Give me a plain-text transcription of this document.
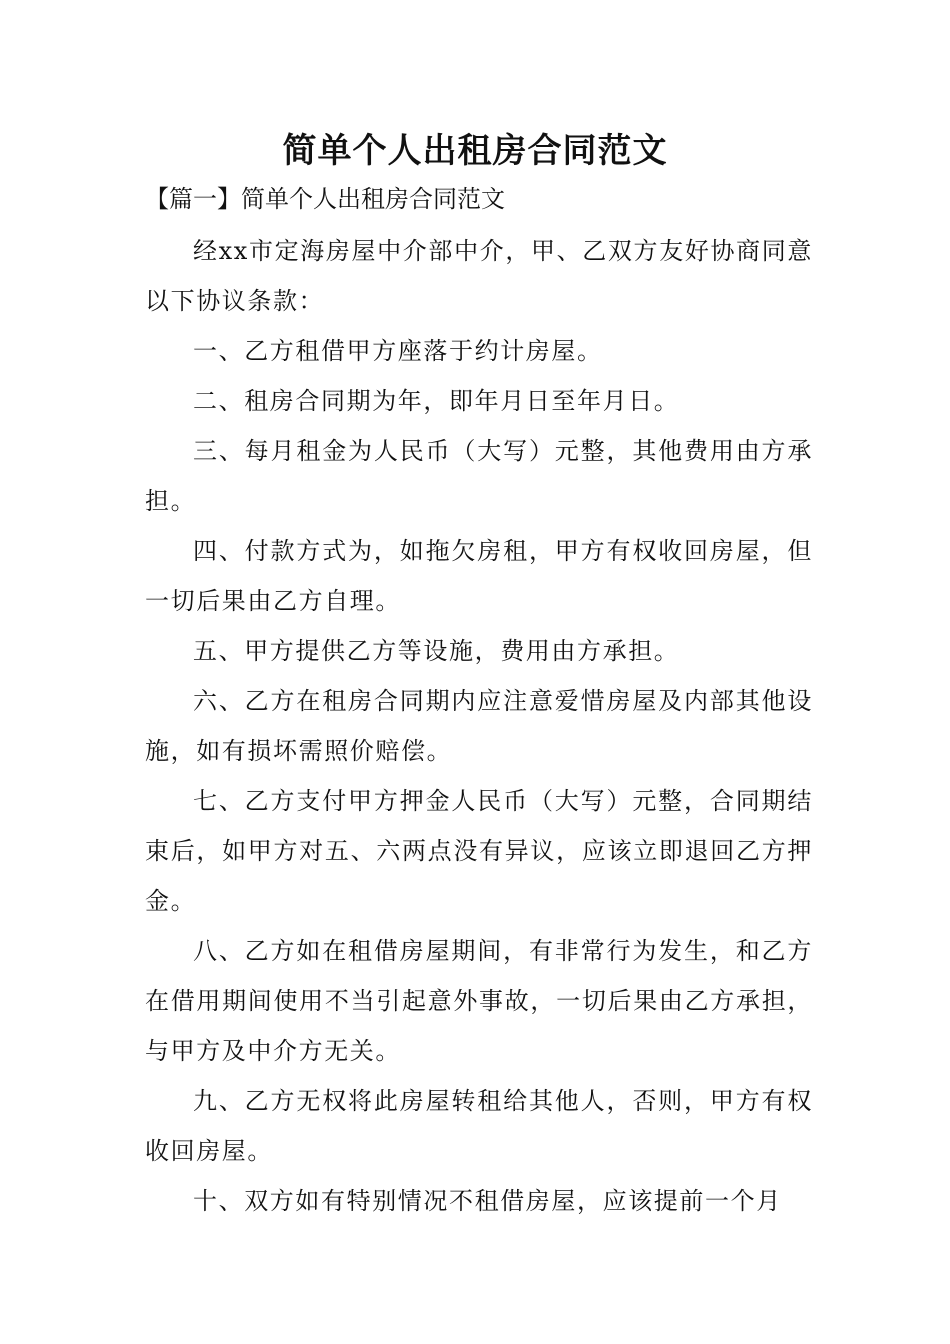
简单个人出租房合同范文

【篇一】简单个人出租房合同范文

经xx市定海房屋中介部中介，甲、乙双方友好协商同意以下协议条款：

一、乙方租借甲方座落于约计房屋。

二、租房合同期为年，即年月日至年月日。

三、每月租金为人民币（大写）元整，其他费用由方承担。

四、付款方式为，如拖欠房租，甲方有权收回房屋，但一切后果由乙方自理。

五、甲方提供乙方等设施，费用由方承担。

六、乙方在租房合同期内应注意爱惜房屋及内部其他设施，如有损坏需照价赔偿。

七、乙方支付甲方押金人民币（大写）元整，合同期结束后，如甲方对五、六两点没有异议，应该立即退回乙方押金。

八、乙方如在租借房屋期间，有非常行为发生，和乙方在借用期间使用不当引起意外事故，一切后果由乙方承担，与甲方及中介方无关。

九、乙方无权将此房屋转租给其他人，否则，甲方有权收回房屋。

十、双方如有特别情况不租借房屋，应该提前一个月
